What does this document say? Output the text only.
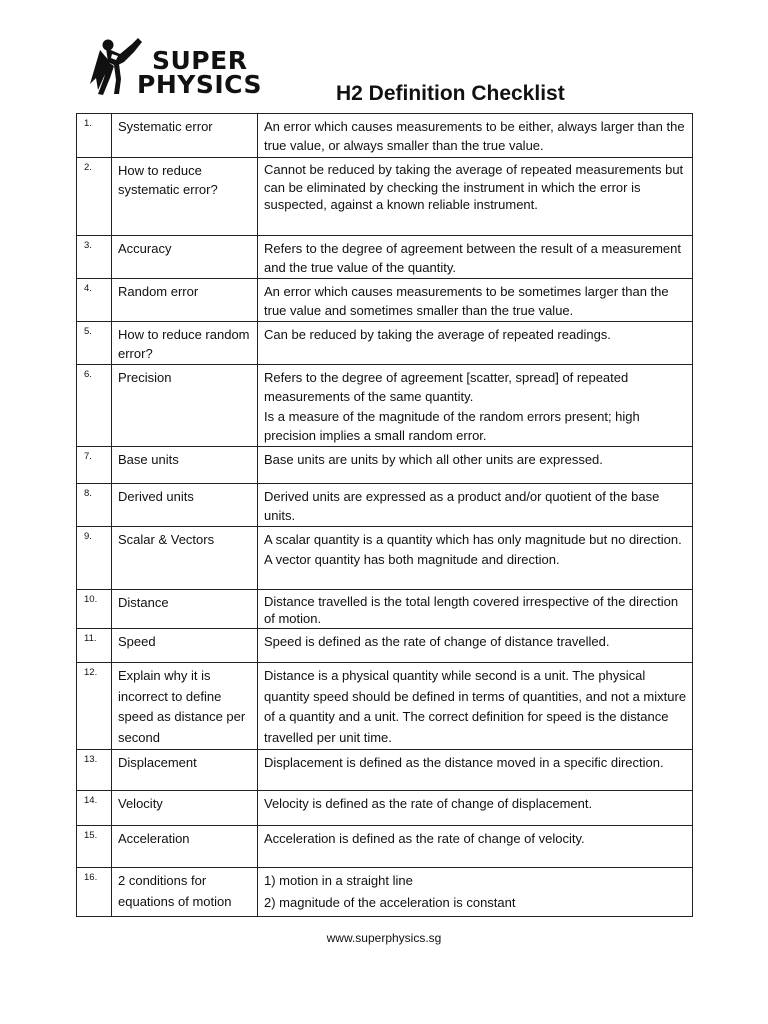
SUPER
PHYSICS	H2 Definition Checklist
1.	Systematic error	An error which causes measurements to be either, always larger than the true value, or always smaller than the true value.

2.	How to reduce systematic error?	Cannot be reduced by taking the average of repeated measurements but can be eliminated by checking the instrument in which the error is suspected, against a known reliable instrument.

3.	Accuracy	Refers to the degree of agreement between the result of a measurement and the true value of the quantity.

4.	Random error	An error which causes measurements to be sometimes larger than the true value and sometimes smaller than the true value.

5.	How to reduce random error?	Can be reduced by taking the average of repeated readings.

6.	Precision	Refers to the degree of agreement [scatter, spread] of repeated measurements of the same quantity.

Is a measure of the magnitude of the random errors present; high precision implies a small random error.

7.	Base units	Base units are units by which all other units are expressed.

8.	Derived units	Derived units are expressed as a product and/or quotient of the base units.

9.	Scalar & Vectors	A scalar quantity is a quantity which has only magnitude but no direction.

A vector quantity has both magnitude and direction.

10.	Distance	Distance travelled is the total length covered irrespective of the direction of motion.

11.	Speed	Speed is defined as the rate of change of distance travelled.

12.	Explain why it is incorrect to define speed as distance per second	Distance is a physical quantity while second is a unit. The physical quantity speed should be defined in terms of quantities, and not a mixture of a quantity and a unit. The correct definition for speed is the distance travelled per unit time.

13.	Displacement	Displacement is defined as the distance moved in a specific direction.

14.	Velocity	Velocity is defined as the rate of change of displacement.

15.	Acceleration	Acceleration is defined as the rate of change of velocity.

16.	2 conditions for equations of motion	1) motion in a straight line

2) magnitude of the acceleration is constant

www.superphysics.sg
